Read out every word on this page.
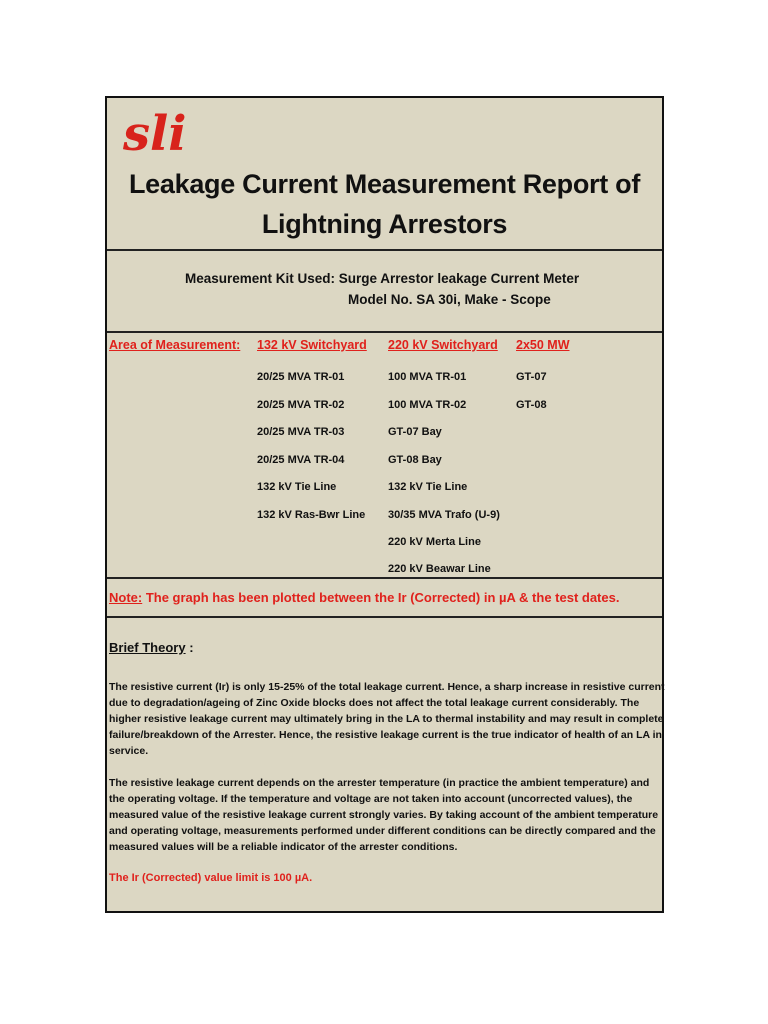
sli
Leakage Current Measurement Report of
Lightning Arrestors
Measurement Kit Used: Surge Arrestor leakage Current Meter
Model No. SA 30i, Make - Scope
Area of Measurement: 132 kV Switchyard 220 kV Switchyard 2x50 MW
20/25 MVA TR-01
20/25 MVA TR-02
20/25 MVA TR-03
20/25 MVA TR-04
132 kV Tie Line
132 kV Ras-Bwr Line
100 MVA TR-01
100 MVA TR-02
GT-07 Bay
GT-08 Bay
132 kV Tie Line
30/35 MVA Trafo (U-9)
220 kV Merta Line
220 kV Beawar Line
GT-07
GT-08
Note: The graph has been plotted between the Ir (Corrected) in µA & the test dates.
Brief Theory :

The resistive current (Ir) is only 15-25% of the total leakage current. Hence, a sharp increase in resistive current due to degradation/ageing of Zinc Oxide blocks does not affect the total leakage current considerably. The higher resistive leakage current may ultimately bring in the LA to thermal instability and may result in complete failure/breakdown of the Arrester. Hence, the resistive leakage current is the true indicator of health of an LA in service.

The resistive leakage current depends on the arrester temperature (in practice the ambient temperature) and the operating voltage. If the temperature and voltage are not taken into account (uncorrected values), the measured value of the resistive leakage current strongly varies. By taking account of the ambient temperature and operating voltage, measurements performed under different conditions can be directly compared and the measured values will be a reliable indicator of the arrester conditions.

The Ir (Corrected) value limit is 100 µA.
